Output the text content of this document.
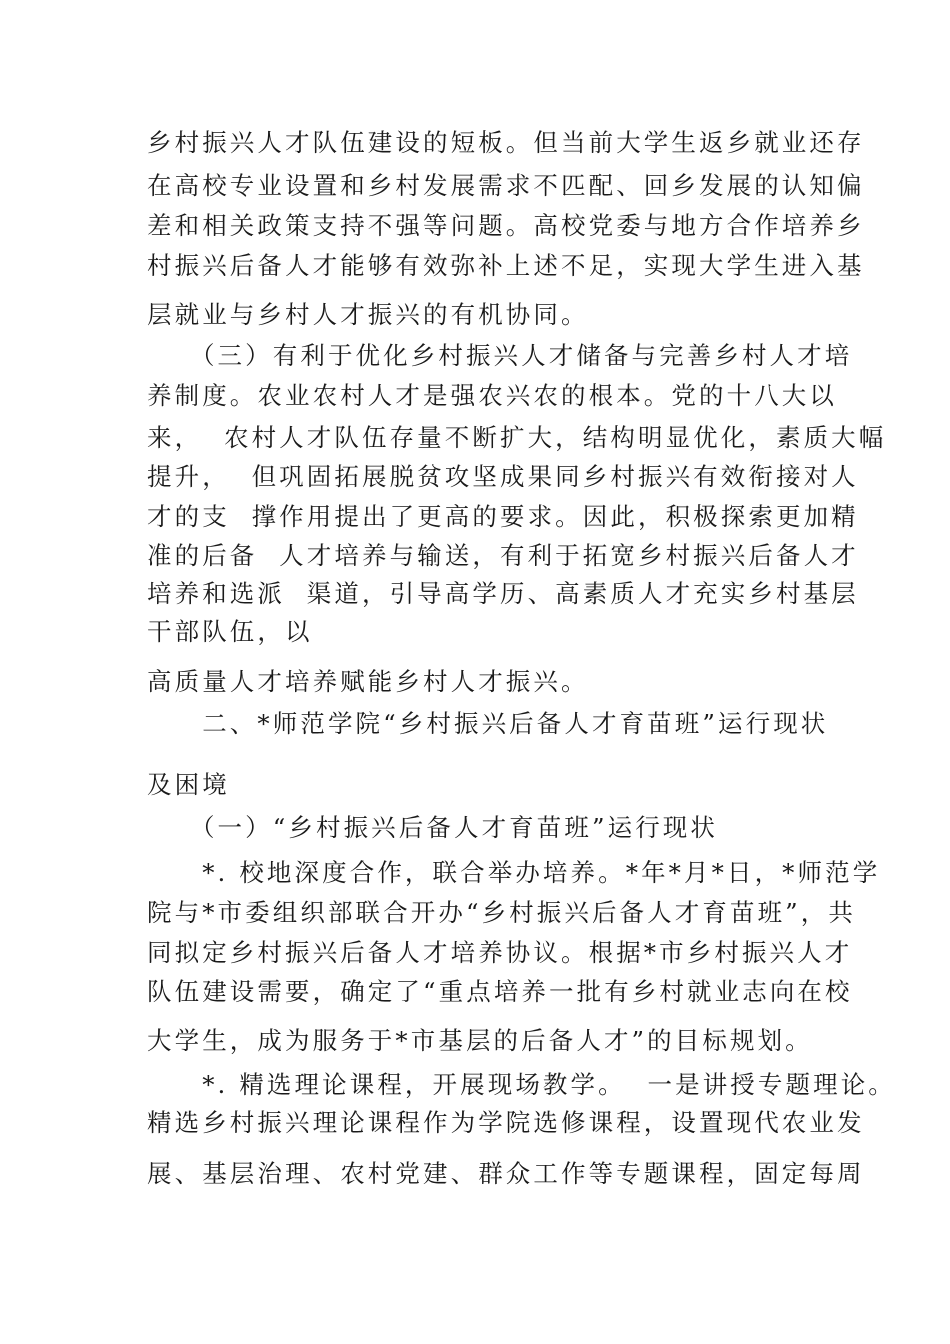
乡村振兴人才队伍建设的短板。但当前大学生返乡就业还存
在高校专业设置和乡村发展需求不匹配、回乡发展的认知偏
差和相关政策支持不强等问题。高校党委与地方合作培养乡
村振兴后备人才能够有效弥补上述不足，实现大学生进入基
层就业与乡村人才振兴的有机协同。
　　（三）有利于优化乡村振兴人才储备与完善乡村人才培
养制度。农业农村人才是强农兴农的根本。党的十八大以
来，  农村人才队伍存量不断扩大，结构明显优化，素质大幅
提升，  但巩固拓展脱贫攻坚成果同乡村振兴有效衔接对人
才的支  撑作用提出了更高的要求。因此，积极探索更加精
准的后备  人才培养与输送，有利于拓宽乡村振兴后备人才
培养和选派  渠道，引导高学历、高素质人才充实乡村基层
干部队伍，以
高质量人才培养赋能乡村人才振兴。
　　二、*师范学院“乡村振兴后备人才育苗班”运行现状
及困境
　　（一）“乡村振兴后备人才育苗班”运行现状
　　*. 校地深度合作，联合举办培养。*年*月*日，*师范学
院与*市委组织部联合开办“乡村振兴后备人才育苗班”，共
同拟定乡村振兴后备人才培养协议。根据*市乡村振兴人才
队伍建设需要，确定了“重点培养一批有乡村就业志向在校
大学生，成为服务于*市基层的后备人才”的目标规划。
　　*. 精选理论课程，开展现场教学。  一是讲授专题理论。
精选乡村振兴理论课程作为学院选修课程，设置现代农业发
展、基层治理、农村党建、群众工作等专题课程，固定每周
